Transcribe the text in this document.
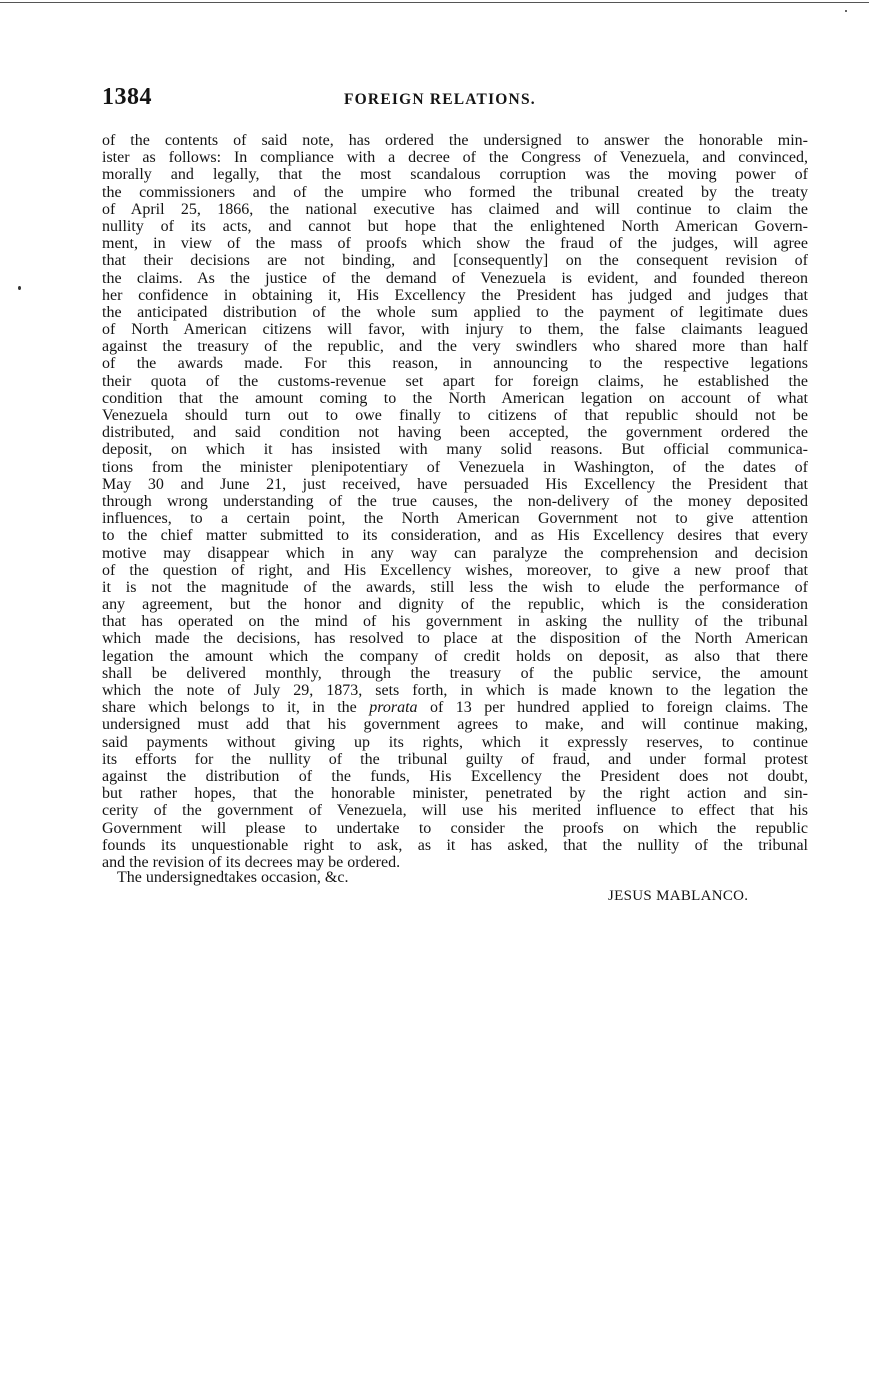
1384	FOREIGN RELATIONS.
of the contents of said note, has ordered the undersigned to answer the honorable min-
ister as follows: In compliance with a decree of the Congress of Venezuela, and convinced,
morally and legally, that the most scandalous corruption was the moving power of
the commissioners and of the umpire who formed the tribunal created by the treaty
of April 25, 1866, the national executive has claimed and will continue to claim the
nullity of its acts, and cannot but hope that the enlightened North American Govern-
ment, in view of the mass of proofs which show the fraud of the judges, will agree
that their decisions are not binding, and [consequently] on the consequent revision of
the claims. As the justice of the demand of Venezuela is evident, and founded thereon
her confidence in obtaining it, His Excellency the President has judged and judges that
the anticipated distribution of the whole sum applied to the payment of legitimate dues
of North American citizens will favor, with injury to them, the false claimants leagued
against the treasury of the republic, and the very swindlers who shared more than half
of the awards made. For this reason, in announcing to the respective legations
their quota of the customs-revenue set apart for foreign claims, he established the
condition that the amount coming to the North American legation on account of what
Venezuela should turn out to owe finally to citizens of that republic should not be
distributed, and said condition not having been accepted, the government ordered the
deposit, on which it has insisted with many solid reasons. But official communica-
tions from the minister plenipotentiary of Venezuela in Washington, of the dates of
May 30 and June 21, just received, have persuaded His Excellency the President that
through wrong understanding of the true causes, the non-delivery of the money deposited
influences, to a certain point, the North American Government not to give attention
to the chief matter submitted to its consideration, and as His Excellency desires that every
motive may disappear which in any way can paralyze the comprehension and decision
of the question of right, and His Excellency wishes, moreover, to give a new proof that
it is not the magnitude of the awards, still less the wish to elude the performance of
any agreement, but the honor and dignity of the republic, which is the consideration
that has operated on the mind of his government in asking the nullity of the tribunal
which made the decisions, has resolved to place at the disposition of the North American
legation the amount which the company of credit holds on deposit, as also that there
shall be delivered monthly, through the treasury of the public service, the amount
which the note of July 29, 1873, sets forth, in which is made known to the legation the
share which belongs to it, in the prorata of 13 per hundred applied to foreign claims. The
undersigned must add that his government agrees to make, and will continue making,
said payments without giving up its rights, which it expressly reserves, to continue
its efforts for the nullity of the tribunal guilty of fraud, and under formal protest
against the distribution of the funds, His Excellency the President does not doubt,
but rather hopes, that the honorable minister, penetrated by the right action and sin-
cerity of the government of Venezuela, will use his merited influence to effect that his
Government will please to undertake to consider the proofs on which the republic
founds its unquestionable right to ask, as it has asked, that the nullity of the tribunal
and the revision of its decrees may be ordered.
The undersignedtakes occasion, &c.
JESUS MABLANCO.
